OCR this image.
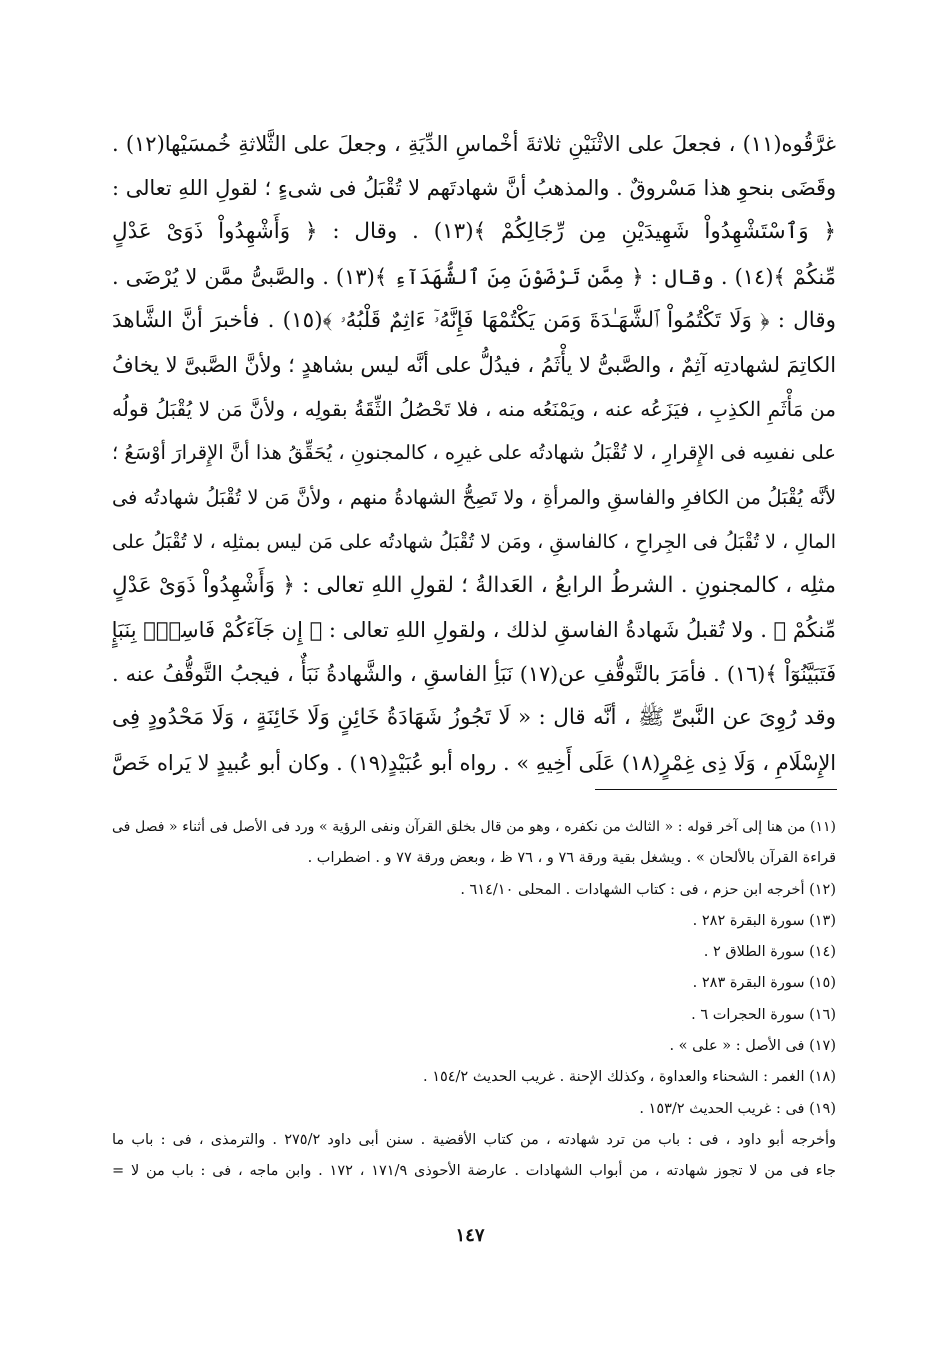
غرَّقُوه(١١) ، فجعلَ على الاثْنَيْنِ ثلاثةَ أخْماسِ الدِّيَةِ ، وجعلَ على الثَّلاثةِ خُمسَيْها(١٢) .
وقَضَى بنحوِ هذا مَسْروقٌ . والمذهبُ أنَّ شهادتَهم لا تُقْبَلُ فى شىءٍ ؛ لقولِ اللهِ تعالى :
﴿ وَٱسْتَشْهِدُواْ شَهِيدَيْنِ مِن رِّجَالِكُمْ ﴾(١٣) . وقال : ﴿ وَأَشْهِدُواْ ذَوَىْ عَدْلٍ
مِّنكُمْ ﴾(١٤) . وقال : ﴿ مِمَّن تَرْضَوْنَ مِنَ ٱلشُّهَدَآءِ ﴾(١٣) . والصَّبىُّ ممَّن لا يُرْضَى .
وقال : ﴿ وَلَا تَكْتُمُواْ ٱلشَّهَـٰدَةَ وَمَن يَكْتُمْهَا فَإِنَّهُۥٓ ءَاثِمٌ قَلْبُهُۥ ﴾(١٥) . فأخبرَ أنَّ الشَّاهدَ
الكاتِمَ لشهادتِه آثِمٌ ، والصَّبىُّ لا يأْثَمُ ، فيدُلُّ على أنَّه ليس بشاهدٍ ؛ ولأنَّ الصَّبىَّ لا يخافُ
من مَأْثَمِ الكذِبِ ، فيَزَعُه عنه ، ويَمْنَعُه منه ، فلا تَحْصُلُ الثِّقَةُ بقولِه ، ولأنَّ مَن لا يُقْبَلُ قولُه
على نفسِه فى الإِقرارِ ، لا تُقْبَلُ شهادتُه على غيرِه ، كالمجنونِ ، يُحَقِّقُ هذا أنَّ الإِقرارَ أوْسَعُ ؛
لأنَّه يُقْبَلُ من الكافرِ والفاسقِ والمرأةِ ، ولا تَصِحُّ الشهادةُ منهم ، ولأنَّ مَن لا تُقْبَلُ شهادتُه فى
المالِ ، لا تُقْبَلُ فى الجِراحِ ، كالفاسقِ ، ومَن لا تُقْبَلُ شهادتُه على مَن ليس بمثلِه ، لا تُقْبَلُ على
مثلِه ، كالمجنونِ . الشرطُ الرابعُ ، العَدالةُ ؛ لقولِ اللهِ تعالى : ﴿ وَأَشْهِدُواْ ذَوَىْ عَدْلٍ
مِّنكُمْ ﴾ . ولا تُقبلُ شَهادةُ الفاسقِ لذلك ، ولقولِ اللهِ تعالى : ﴿ إِن جَآءَكُمْ فَاسِقٌۢ بِنَبَإٍ
فَتَبَيَّنُوٓاْ ﴾(١٦) . فأمَرَ بالتَّوقُّفِ عن(١٧) نَبَأِ الفاسقِ ، والشَّهادةُ نَبَأٌ ، فيجبُ التَّوقُّفُ عنه .
وقد رُوِىَ عن النَّبىِّ ﷺ ، أنَّه قال : « لَا تَجُوزُ شَهَادَةُ خَائِنٍ وَلَا خَائِنَةٍ ، وَلَا مَحْدُودٍ فِى
الإِسْلَامِ ، وَلَا ذِى غِمْرٍ(١٨) عَلَى أَخِيهِ » . رواه أبو عُبَيْدٍ(١٩) . وكان أبو عُبيدٍ لا يَراه خَصَّ
(١١) من هنا إلى آخر قوله : « الثالث من نكفره ، وهو من قال بخلق القرآن ونفى الرؤية » ورد فى الأصل فى أثناء « فصل فى
قراءة القرآن بالألحان » . ويشغل بقية ورقة ٧٦ و ، ٧٦ ظ ، وبعض ورقة ٧٧ و . اضطراب .
(١٢) أخرجه ابن حزم ، فى : كتاب الشهادات . المحلى ٦١٤/١٠ .
(١٣) سورة البقرة ٢٨٢ .
(١٤) سورة الطلاق ٢ .
(١٥) سورة البقرة ٢٨٣ .
(١٦) سورة الحجرات ٦ .
(١٧) فى الأصل : « على » .
(١٨) الغمر : الشحناء والعداوة ، وكذلك الإحنة . غريب الحديث ١٥٤/٢ .
(١٩) فى : غريب الحديث ١٥٣/٢ .
وأخرجه أبو داود ، فى : باب من ترد شهادته ، من كتاب الأقضية . سنن أبى داود ٢٧٥/٢ . والترمذى ، فى : باب ما
جاء فى من لا تجوز شهادته ، من أبواب الشهادات . عارضة الأحوذى ١٧١/٩ ، ١٧٢ . وابن ماجه ، فى : باب من لا =
١٤٧
